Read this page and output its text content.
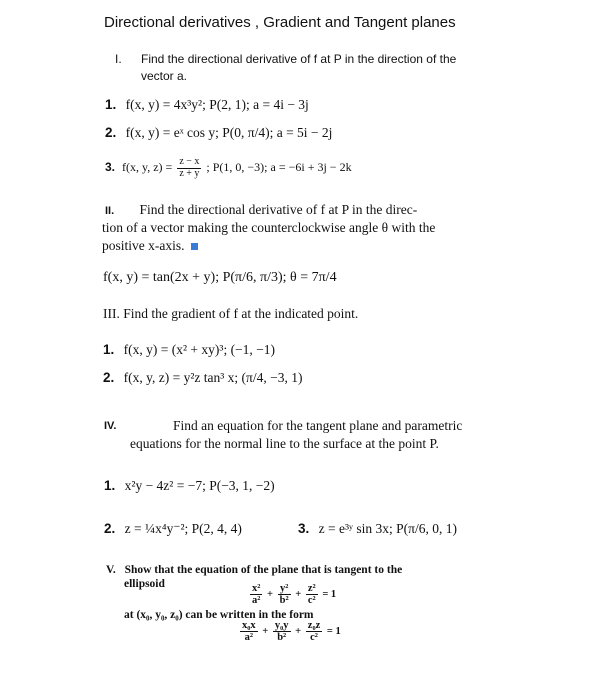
Directional derivatives , Gradient and Tangent planes
I. Find the directional derivative of f at P in the direction of the
vector a.
1. f(x, y) = 4x³y²; P(2, 1); a = 4i − 3j
2. f(x, y) = eˣ cos y; P(0, π/4); a = 5i − 2j
3. f(x, y, $z) = \frac{z - x}{z + y}$ ; P(1, 0, −3); a = −6i + 3j − 2k
II. Find the directional derivative of f at P in the direc-
tion of a vector making the counterclockwise angle θ with the
positive x-axis.
f(x, y) = tan(2x + y); P(π/6, π/3); θ = 7π/4
III. Find the gradient of f at the indicated point.
1. f(x, y) = (x² + xy)³; (−1, −1)
2. f(x, y, z) = y²z tan³ x; (π/4, −3, 1)
IV.	Find an equation for the tangent plane and parametric
equations for the normal line to the surface at the point P.
1. x²y − 4z² = −7; P(−3, 1, −2)
2. z = ¼x⁴y⁻²; P(2, 4, 4)	3. z = e³ʸ sin 3x; P(π/6, 0, 1)
V. Show that the equation of the plane that is tangent to the
ellipsoid	$\frac{\text{x²}}{\text{a²}} + \frac{\text{y²}}{\text{b²}} + \frac{\text{z²}}{\text{c²}} = 1$
at (x₀, y₀, z₀) can be written in the form
$\frac{\text{x₀x}}{\text{a²}} + \frac{\text{y₀y}}{\text{b²}} + \frac{\text{z₀z}}{\text{c²}} = 1$
